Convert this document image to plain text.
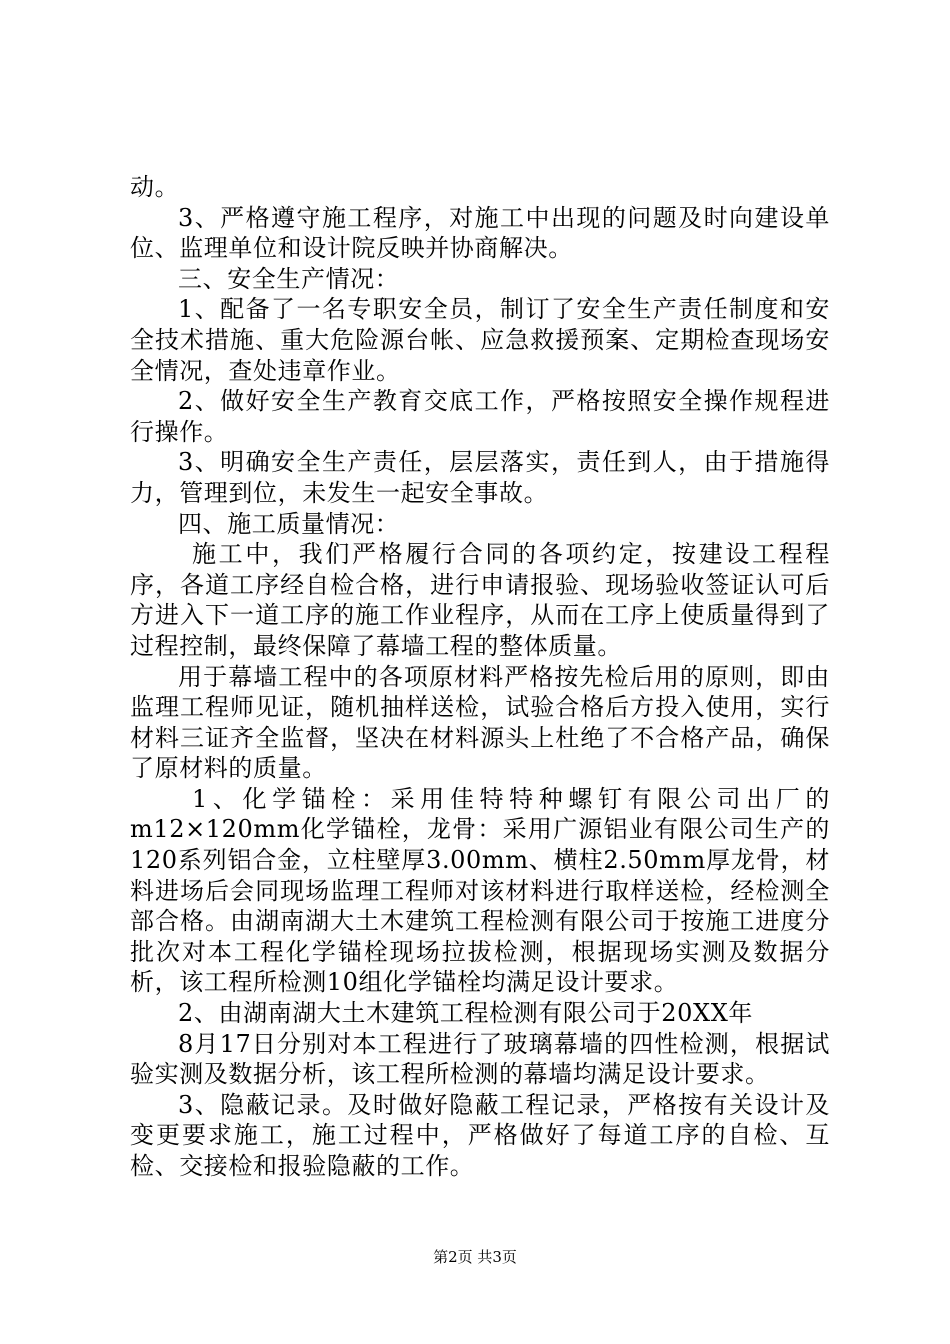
动。

3、严格遵守施工程序，对施工中出现的问题及时向建设单位、监理单位和设计院反映并协商解决。

三、安全生产情况：

1、配备了一名专职安全员，制订了安全生产责任制度和安全技术措施、重大危险源台帐、应急救援预案、定期检查现场安全情况，查处违章作业。

2、做好安全生产教育交底工作，严格按照安全操作规程进行操作。

3、明确安全生产责任，层层落实，责任到人，由于措施得力，管理到位，未发生一起安全事故。

四、施工质量情况：

施工中，我们严格履行合同的各项约定，按建设工程程序，各道工序经自检合格，进行申请报验、现场验收签证认可后方进入下一道工序的施工作业程序，从而在工序上使质量得到了过程控制，最终保障了幕墙工程的整体质量。

用于幕墙工程中的各项原材料严格按先检后用的原则，即由监理工程师见证，随机抽样送检，试验合格后方投入使用，实行材料三证齐全监督，坚决在材料源头上杜绝了不合格产品，确保了原材料的质量。

1、化学锚栓：采用佳特特种螺钉有限公司出厂的m12×120mm化学锚栓，龙骨：采用广源铝业有限公司生产的120系列铝合金，立柱壁厚3.00mm、横柱2.50mm厚龙骨，材料进场后会同现场监理工程师对该材料进行取样送检，经检测全部合格。由湖南湖大土木建筑工程检测有限公司于按施工进度分批次对本工程化学锚栓现场拉拔检测，根据现场实测及数据分析，该工程所检测10组化学锚栓均满足设计要求。

2、由湖南湖大土木建筑工程检测有限公司于20XX年

8月17日分别对本工程进行了玻璃幕墙的四性检测，根据试验实测及数据分析，该工程所检测的幕墙均满足设计要求。

3、隐蔽记录。及时做好隐蔽工程记录，严格按有关设计及变更要求施工，施工过程中，严格做好了每道工序的自检、互检、交接检和报验隐蔽的工作。

第2页 共3页
